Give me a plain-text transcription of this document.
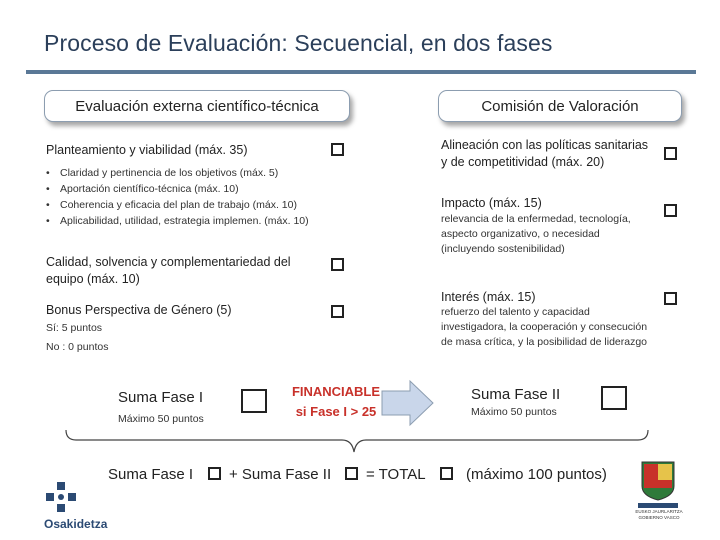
Proceso de Evaluación: Secuencial, en dos fases
Evaluación externa científico-técnica	Comisión de Valoración
Planteamiento y viabilidad (máx. 35)
• Claridad y pertinencia de los objetivos (máx. 5)
• Aportación científico-técnica (máx. 10)
• Coherencia y eficacia del plan de trabajo (máx. 10)
• Aplicabilidad, utilidad, estrategia implemen. (máx. 10)
Calidad, solvencia y complementariedad del
equipo (máx. 10)
Bonus Perspectiva de Género (5)
Sí: 5 puntos
No : 0 puntos
Alineación con las políticas sanitarias
y de competitividad (máx. 20)
Impacto (máx. 15)
relevancia de la enfermedad, tecnología,
aspecto organizativo, o necesidad
(incluyendo sostenibilidad)
Interés (máx. 15)
refuerzo del talento y capacidad
investigadora, la cooperación y consecución
de masa crítica, y la posibilidad de liderazgo
Suma Fase I
Máximo 50 puntos
FINANCIABLE
si Fase I > 25
Suma Fase II
Máximo 50 puntos
Suma Fase I + Suma Fase II = TOTAL	(máximo 100 puntos)
Osakidetza
EUSKO JAURLARITZA GOBIERNO VASCO
